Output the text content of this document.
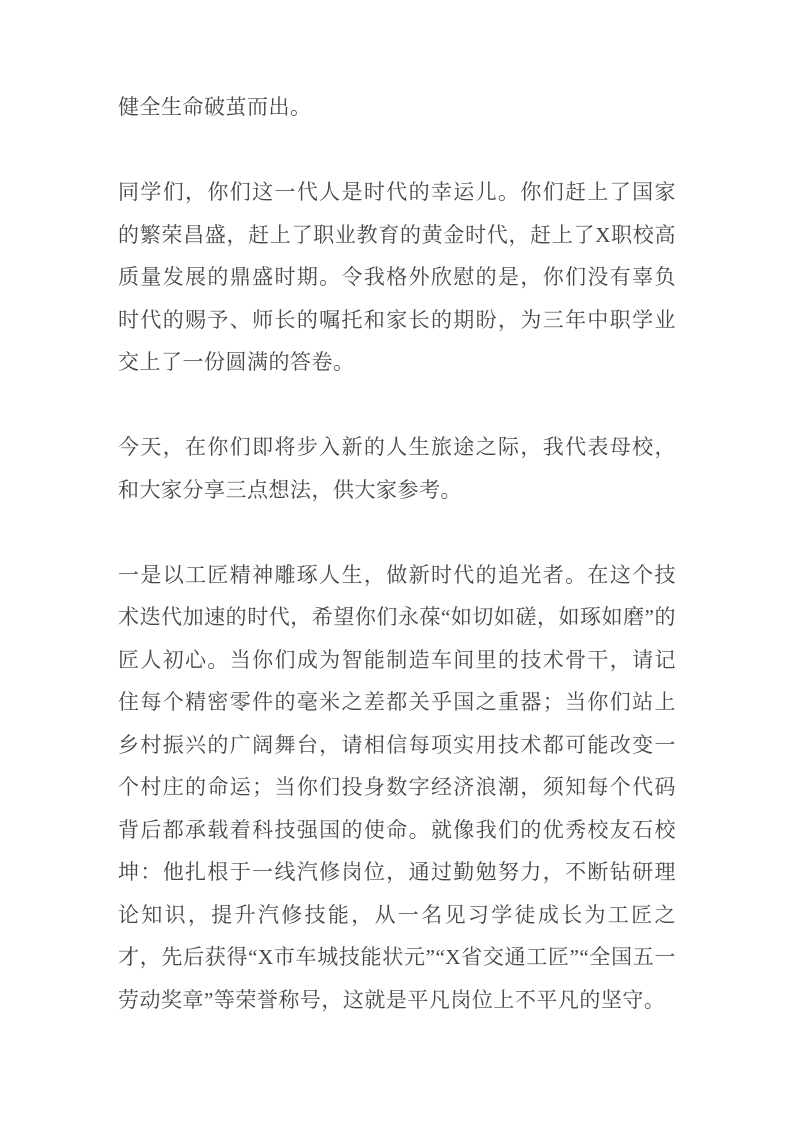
健全生命破茧而出。

同学们，你们这一代人是时代的幸运儿。你们赶上了国家的繁荣昌盛，赶上了职业教育的黄金时代，赶上了X职校高质量发展的鼎盛时期。令我格外欣慰的是，你们没有辜负时代的赐予、师长的嘱托和家长的期盼，为三年中职学业交上了一份圆满的答卷。

今天，在你们即将步入新的人生旅途之际，我代表母校，和大家分享三点想法，供大家参考。

一是以工匠精神雕琢人生，做新时代的追光者。在这个技术迭代加速的时代，希望你们永葆“如切如磋，如琢如磨”的匠人初心。当你们成为智能制造车间里的技术骨干，请记住每个精密零件的毫米之差都关乎国之重器；当你们站上乡村振兴的广阔舞台，请相信每项实用技术都可能改变一个村庄的命运；当你们投身数字经济浪潮，须知每个代码背后都承载着科技强国的使命。就像我们的优秀校友石校坤：他扎根于一线汽修岗位，通过勤勉努力，不断钻研理论知识，提升汽修技能，从一名见习学徒成长为工匠之才，先后获得“X市车城技能状元”“X省交通工匠”“全国五一劳动奖章”等荣誉称号，这就是平凡岗位上不平凡的坚守。
